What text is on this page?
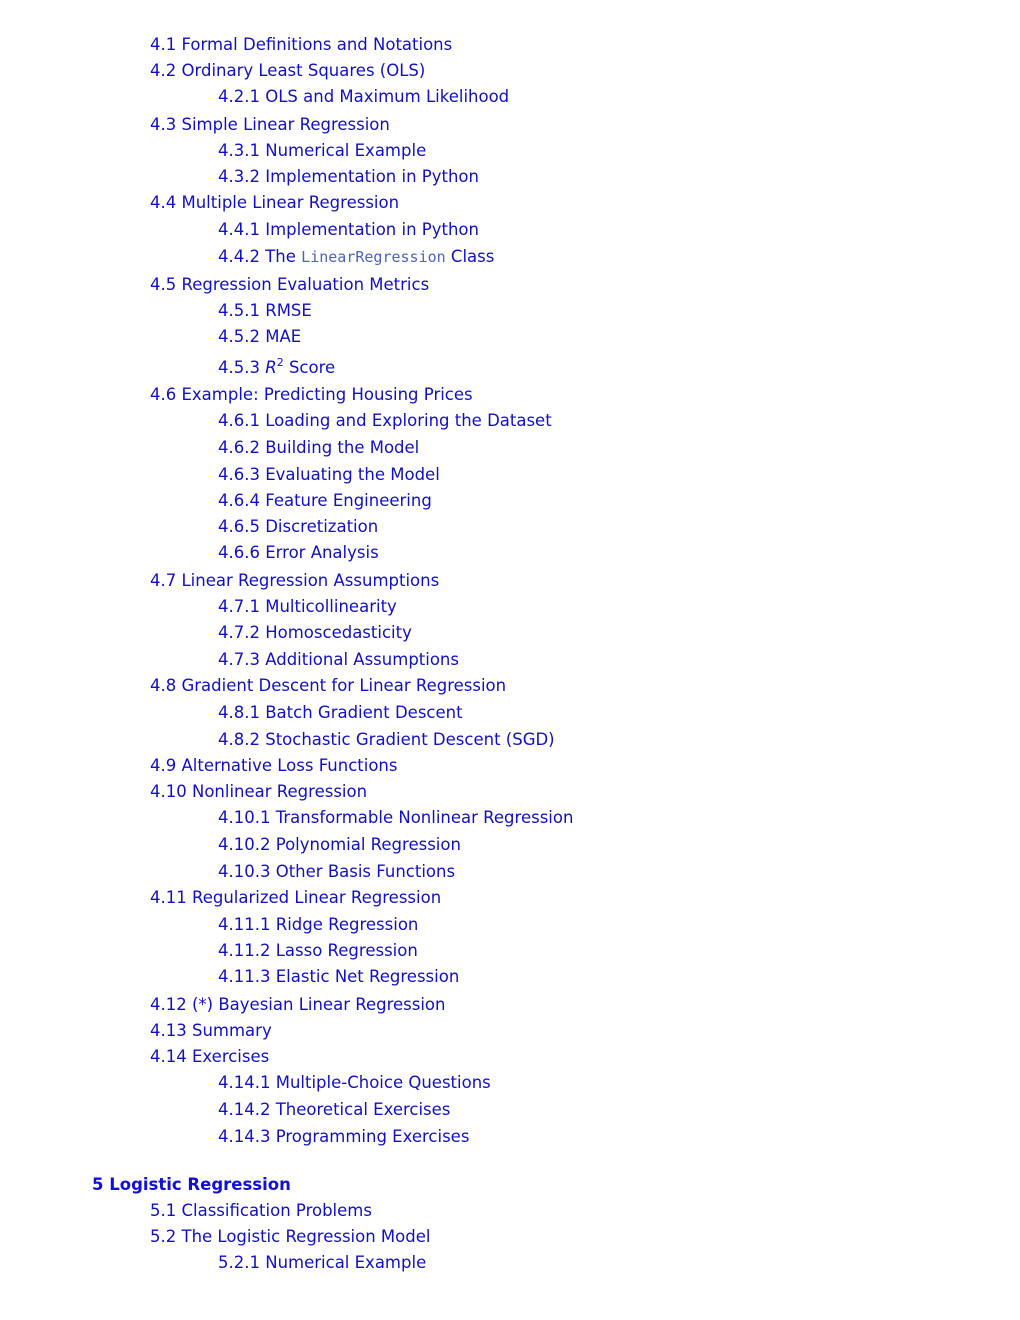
4.1 Formal Definitions and Notations
4.2 Ordinary Least Squares (OLS)
4.2.1 OLS and Maximum Likelihood
4.3 Simple Linear Regression
4.3.1 Numerical Example
4.3.2 Implementation in Python
4.4 Multiple Linear Regression
4.4.1 Implementation in Python
4.4.2 The LinearRegression Class
4.5 Regression Evaluation Metrics
4.5.1 RMSE
4.5.2 MAE
4.5.3 $R^2$ Score
4.6 Example: Predicting Housing Prices
4.6.1 Loading and Exploring the Dataset
4.6.2 Building the Model
4.6.3 Evaluating the Model
4.6.4 Feature Engineering
4.6.5 Discretization
4.6.6 Error Analysis
4.7 Linear Regression Assumptions
4.7.1 Multicollinearity
4.7.2 Homoscedasticity
4.7.3 Additional Assumptions
4.8 Gradient Descent for Linear Regression
4.8.1 Batch Gradient Descent
4.8.2 Stochastic Gradient Descent (SGD)
4.9 Alternative Loss Functions
4.10 Nonlinear Regression
4.10.1 Transformable Nonlinear Regression
4.10.2 Polynomial Regression
4.10.3 Other Basis Functions
4.11 Regularized Linear Regression
4.11.1 Ridge Regression
4.11.2 Lasso Regression
4.11.3 Elastic Net Regression
4.12 (*) Bayesian Linear Regression
4.13 Summary
4.14 Exercises
4.14.1 Multiple-Choice Questions
4.14.2 Theoretical Exercises
4.14.3 Programming Exercises
5 Logistic Regression
5.1 Classification Problems
5.2 The Logistic Regression Model
5.2.1 Numerical Example
